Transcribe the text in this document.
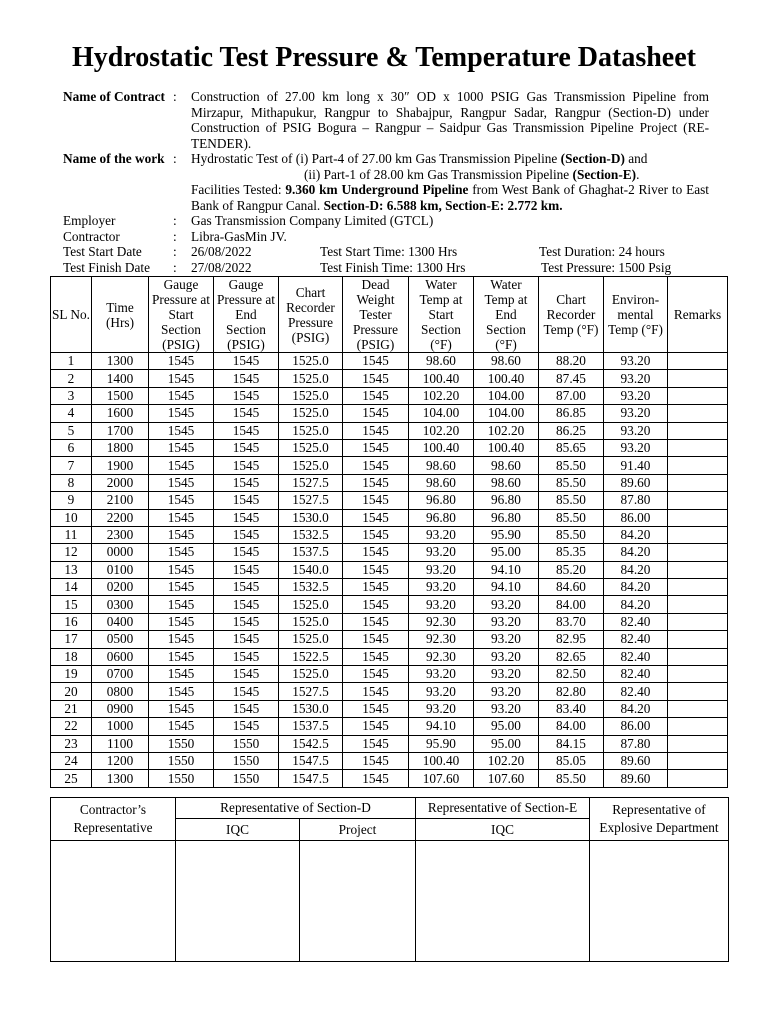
Hydrostatic Test Pressure & Temperature Datasheet
Name of Contract :	Construction of 27.00 km long x 30″ OD x 1000 PSIG Gas Transmission Pipeline from Mirzapur, Mithapukur, Rangpur to Shabajpur, Rangpur Sadar, Rangpur (Section-D) under Construction of PSIG Bogura – Rangpur – Saidpur Gas Transmission Pipeline Project (RE-TENDER).
Name of the work :	Hydrostatic Test of (i) Part-4 of 27.00 km Gas Transmission Pipeline (Section-D) and
(ii) Part-1 of 28.00 km Gas Transmission Pipeline (Section-E).
Facilities Tested: 9.360 km Underground Pipeline from West Bank of Ghaghat-2 River to East Bank of Rangpur Canal. Section-D: 6.588 km, Section-E: 2.772 km.
Employer	:	Gas Transmission Company Limited (GTCL)
Contractor	:	Libra-GasMin JV.
Test Start Date	:	26/08/2022	Test Start Time: 1300 Hrs	Test Duration: 24 hours
Test Finish Date	:	27/08/2022	Test Finish Time: 1300 Hrs	Test Pressure: 1500 Psig
SL No.	Time (Hrs)	Gauge Pressure at Start Section (PSIG)	Gauge Pressure at End Section (PSIG)	Chart Recorder Pressure (PSIG)	Dead Weight Tester Pressure (PSIG)	Water Temp at Start Section (°F)	Water Temp at End Section (°F)	Chart Recorder Temp (°F)	Environ-mental Temp (°F)	Remarks
1	1300	1545	1545	1525.0	1545	98.60	98.60	88.20	93.20	
2	1400	1545	1545	1525.0	1545	100.40	100.40	87.45	93.20	
3	1500	1545	1545	1525.0	1545	102.20	104.00	87.00	93.20	
4	1600	1545	1545	1525.0	1545	104.00	104.00	86.85	93.20	
5	1700	1545	1545	1525.0	1545	102.20	102.20	86.25	93.20	
6	1800	1545	1545	1525.0	1545	100.40	100.40	85.65	93.20	
7	1900	1545	1545	1525.0	1545	98.60	98.60	85.50	91.40	
8	2000	1545	1545	1527.5	1545	98.60	98.60	85.50	89.60	
9	2100	1545	1545	1527.5	1545	96.80	96.80	85.50	87.80	
10	2200	1545	1545	1530.0	1545	96.80	96.80	85.50	86.00	
11	2300	1545	1545	1532.5	1545	93.20	95.90	85.50	84.20	
12	0000	1545	1545	1537.5	1545	93.20	95.00	85.35	84.20	
13	0100	1545	1545	1540.0	1545	93.20	94.10	85.20	84.20	
14	0200	1545	1545	1532.5	1545	93.20	94.10	84.60	84.20	
15	0300	1545	1545	1525.0	1545	93.20	93.20	84.00	84.20	
16	0400	1545	1545	1525.0	1545	92.30	93.20	83.70	82.40	
17	0500	1545	1545	1525.0	1545	92.30	93.20	82.95	82.40	
18	0600	1545	1545	1522.5	1545	92.30	93.20	82.65	82.40	
19	0700	1545	1545	1525.0	1545	93.20	93.20	82.50	82.40	
20	0800	1545	1545	1527.5	1545	93.20	93.20	82.80	82.40	
21	0900	1545	1545	1530.0	1545	93.20	93.20	83.40	84.20	
22	1000	1545	1545	1537.5	1545	94.10	95.00	84.00	86.00	
23	1100	1550	1550	1542.5	1545	95.90	95.00	84.15	87.80	
24	1200	1550	1550	1547.5	1545	100.40	102.20	85.05	89.60	
25	1300	1550	1550	1547.5	1545	107.60	107.60	85.50	89.60	
Contractor’s Representative	Representative of Section-D		Representative of Section-E	Representative of Explosive Department
	IQC	Project	IQC	
